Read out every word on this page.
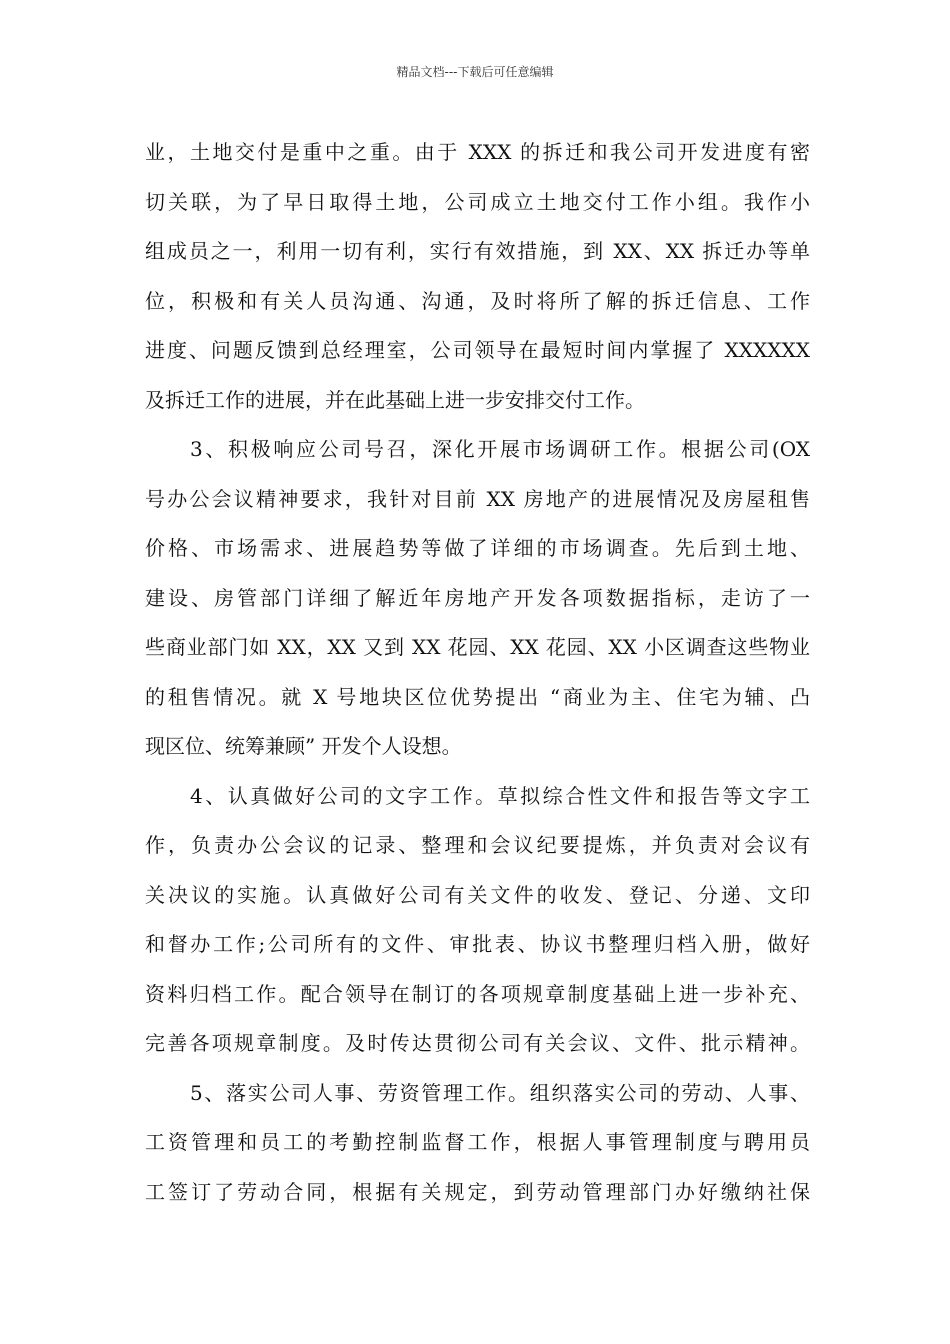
精品文档---下载后可任意编辑
业，土地交付是重中之重。由于 XXX 的拆迁和我公司开发进度有密
切关联，为了早日取得土地，公司成立土地交付工作小组。我作小
组成员之一，利用一切有利，实行有效措施，到 XX、XX 拆迁办等单
位，积极和有关人员沟通、沟通，及时将所了解的拆迁信息、工作
进度、问题反馈到总经理室，公司领导在最短时间内掌握了 XXXXXX
及拆迁工作的进展，并在此基础上进一步安排交付工作。
3、积极响应公司号召，深化开展市场调研工作。根据公司(OX
号办公会议精神要求，我针对目前 XX 房地产的进展情况及房屋租售
价格、市场需求、进展趋势等做了详细的市场调查。先后到土地、
建设、房管部门详细了解近年房地产开发各项数据指标，走访了一
些商业部门如 XX，XX 又到 XX 花园、XX 花园、XX 小区调查这些物业
的租售情况。就 X 号地块区位优势提出 “商业为主、住宅为辅、凸
现区位、统筹兼顾” 开发个人设想。
4、认真做好公司的文字工作。草拟综合性文件和报告等文字工
作，负责办公会议的记录、整理和会议纪要提炼，并负责对会议有
关决议的实施。认真做好公司有关文件的收发、登记、分递、文印
和督办工作;公司所有的文件、审批表、协议书整理归档入册，做好
资料归档工作。配合领导在制订的各项规章制度基础上进一步补充、
完善各项规章制度。及时传达贯彻公司有关会议、文件、批示精神。
5、落实公司人事、劳资管理工作。组织落实公司的劳动、人事、
工资管理和员工的考勤控制监督工作，根据人事管理制度与聘用员
工签订了劳动合同，根据有关规定，到劳动管理部门办好缴纳社保
